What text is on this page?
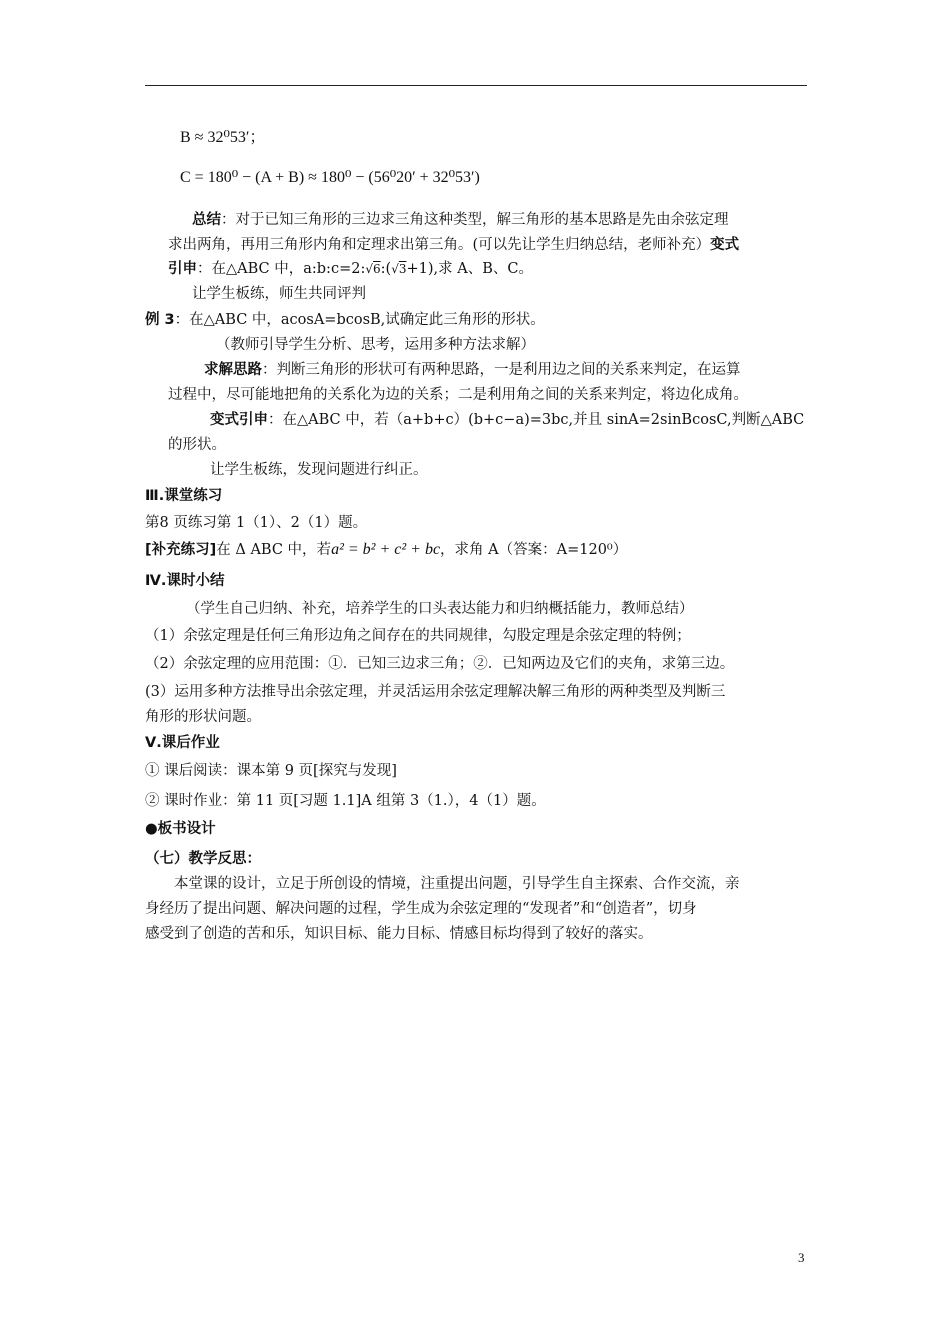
B ≈ 32⁰53′；
C = 180⁰ − (A + B) ≈ 180⁰ − (56⁰20′ + 32⁰53′)
总结：对于已知三角形的三边求三角这种类型，解三角形的基本思路是先由余弦定理
求出两角，再用三角形内角和定理求出第三角。(可以先让学生归纳总结，老师补充）变式
引申：在△ABC 中，a:b:c=2:√6:(√3+1),求 A、B、C。
让学生板练，师生共同评判
例 3：在△ABC 中，acosA=bcosB,试确定此三角形的形状。
（教师引导学生分析、思考，运用多种方法求解）
求解思路：判断三角形的形状可有两种思路，一是利用边之间的关系来判定，在运算
过程中，尽可能地把角的关系化为边的关系；二是利用角之间的关系来判定，将边化成角。
变式引申：在△ABC 中，若（a+b+c）(b+c−a)=3bc,并且 sinA=2sinBcosC,判断△ABC
的形状。
让学生板练，发现问题进行纠正。
Ⅲ.课堂练习
第8 页练习第 1（1）、2（1）题。
[补充练习]在 Δ ABC 中，若a² = b² + c² + bc，求角 A（答案：A=120⁰）
Ⅳ.课时小结
（学生自己归纳、补充，培养学生的口头表达能力和归纳概括能力，教师总结）
（1）余弦定理是任何三角形边角之间存在的共同规律，勾股定理是余弦定理的特例；
（2）余弦定理的应用范围：①．已知三边求三角；②．已知两边及它们的夹角，求第三边。
(3）运用多种方法推导出余弦定理，并灵活运用余弦定理解决解三角形的两种类型及判断三
角形的形状问题。
Ⅴ.课后作业
① 课后阅读：课本第 9 页[探究与发现]
② 课时作业：第 11 页[习题 1.1]A 组第 3（1.），4（1）题。
●板书设计
（七）教学反思：
本堂课的设计，立足于所创设的情境，注重提出问题，引导学生自主探索、合作交流，亲
身经历了提出问题、解决问题的过程，学生成为余弦定理的“发现者”和“创造者”，切身
感受到了创造的苦和乐，知识目标、能力目标、情感目标均得到了较好的落实。
3
